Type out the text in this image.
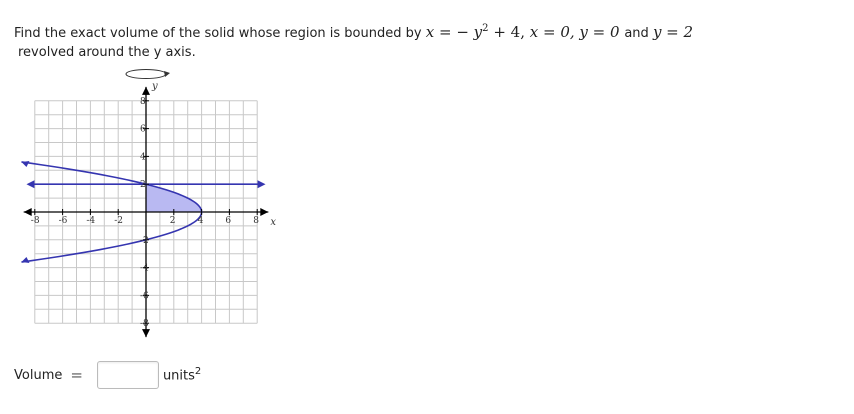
Find the exact volume of the solid whose region is bounded by x = − $y^2 + 4$, x = 0, y = 0 and y = 2
revolved around the y axis.
-8 -6 -4 -2	2 4 6 8
8
6
4
2
-2
-4
-6
-8
x
y
Volume =	units$^2$
